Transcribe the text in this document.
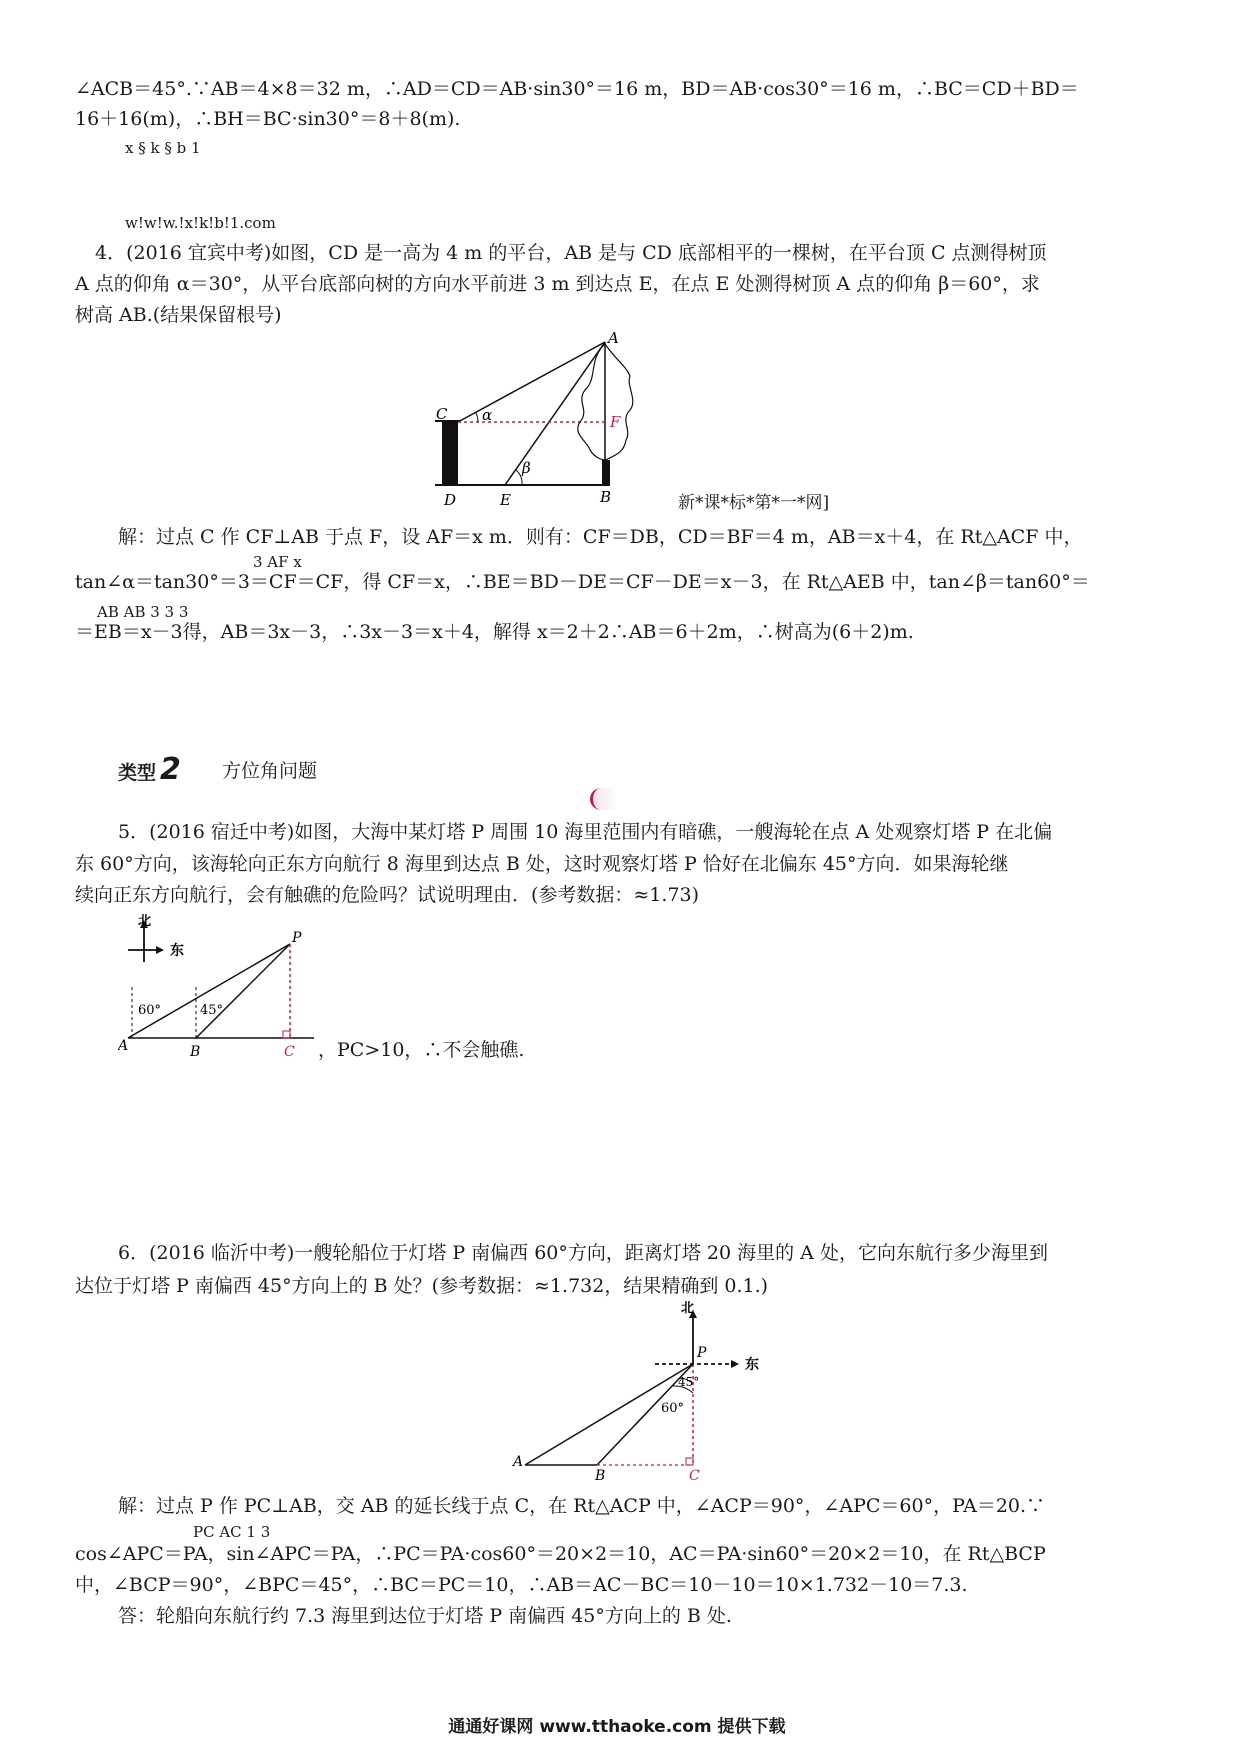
∠ACB＝45°.∵AB＝4×8＝32 m，∴AD＝CD＝AB·sin30°＝16 m，BD＝AB·cos30°＝16 m，∴BC＝CD＋BD＝
16＋16(m)，∴BH＝BC·sin30°＝8＋8(m).
x § k § b 1
w!w!w.!x!k!b!1.com
4．(2016 宜宾中考)如图，CD 是一高为 4 m 的平台，AB 是与 CD 底部相平的一棵树，在平台顶 C 点测得树顶
A 点的仰角 α＝30°，从平台底部向树的方向水平前进 3 m 到达点 E，在点 E 处测得树顶 A 点的仰角 β＝60°，求
树高 AB.(结果保留根号)
A
C	F
D	E	B
α
β
新*课*标*第*一*网]
解：过点 C 作 CF⊥AB 于点 F，设 AF＝x m．则有：CF＝DB，CD＝BF＝4 m，AB＝x＋4，在 Rt△ACF 中，
3 AF x
tan∠α＝tan30°＝3＝CF＝CF，得 CF＝x，∴BE＝BD－DE＝CF－DE＝x－3，在 Rt△AEB 中，tan∠β＝tan60°＝
AB AB 3 3 3
＝EB＝x－3得，AB＝3x－3，∴3x－3＝x＋4，解得 x＝2＋2∴AB＝6＋2m，∴树高为(6＋2)m.
类型 2 方位角问题
5．(2016 宿迁中考)如图，大海中某灯塔 P 周围 10 海里范围内有暗礁，一艘海轮在点 A 处观察灯塔 P 在北偏
东 60°方向，该海轮向正东方向航行 8 海里到达点 B 处，这时观察灯塔 P 恰好在北偏东 45°方向．如果海轮继
续向正东方向航行，会有触礁的危险吗？试说明理由．(参考数据：≈1.73)
60°	45°
北
东
P
A	B	C ，PC>10，∴不会触礁.
6．(2016 临沂中考)一艘轮船位于灯塔 P 南偏西 60°方向，距离灯塔 20 海里的 A 处，它向东航行多少海里到
达位于灯塔 P 南偏西 45°方向上的 B 处？(参考数据：≈1.732，结果精确到 0.1.)
北
东
P
A
B	C
45°
60°
解：过点 P 作 PC⊥AB，交 AB 的延长线于点 C，在 Rt△ACP 中，∠ACP＝90°，∠APC＝60°，PA＝20.∵
PC AC 1 3
cos∠APC＝PA，sin∠APC＝PA，∴PC＝PA·cos60°＝20×2＝10，AC＝PA·sin60°＝20×2＝10，在 Rt△BCP
中，∠BCP＝90°，∠BPC＝45°，∴BC＝PC＝10，∴AB＝AC－BC＝10－10＝10×1.732－10＝7.3.
答：轮船向东航行约 7.3 海里到达位于灯塔 P 南偏西 45°方向上的 B 处.
通通好课网 www.tthaoke.com 提供下载
